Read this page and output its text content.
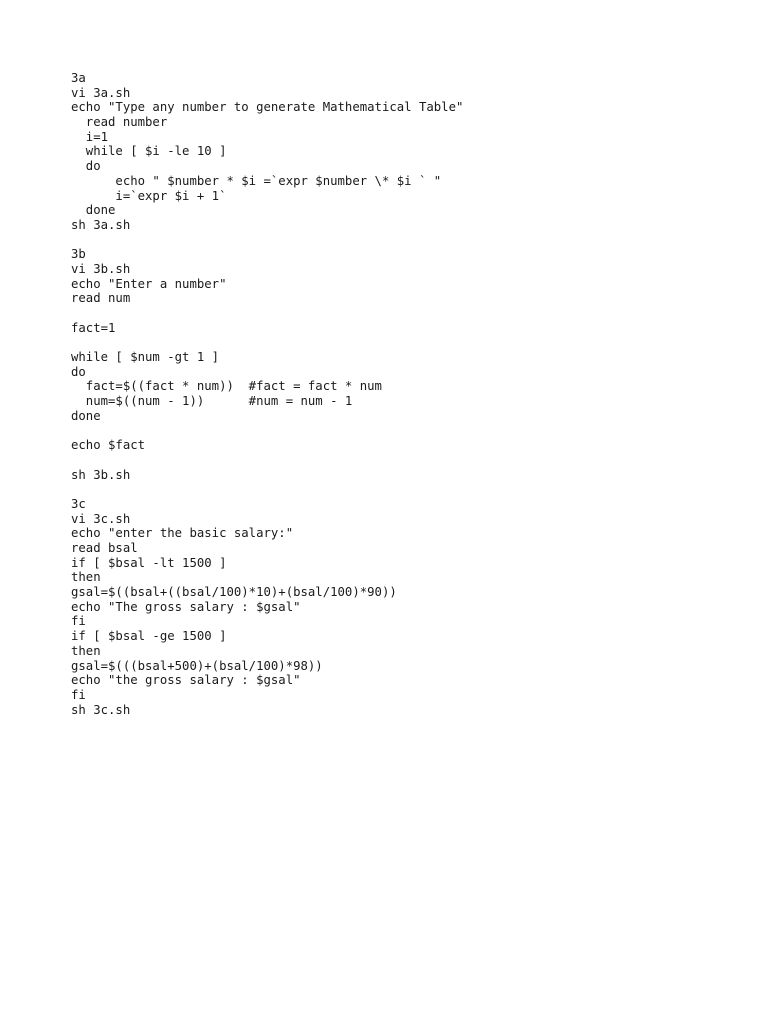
3a
vi 3a.sh
echo "Type any number to generate Mathematical Table"
read number
i=1
while [ $i -le 10 ]
do
echo " $number * $i =`expr $number \* $i ` "
i=`expr $i + 1`
done
sh 3a.sh
3b
vi 3b.sh
echo "Enter a number"
read num
fact=1
while [ $num -gt 1 ]
do
fact=$((fact * num))  #fact = fact * num
num=$((num - 1))      #num = num - 1
done
echo $fact
sh 3b.sh
3c
vi 3c.sh
echo "enter the basic salary:"
read bsal
if [ $bsal -lt 1500 ]
then
gsal=$((bsal+((bsal/100)*10)+(bsal/100)*90))
echo "The gross salary : $gsal"
fi
if [ $bsal -ge 1500 ]
then
gsal=$(((bsal+500)+(bsal/100)*98))
echo "the gross salary : $gsal"
fi
sh 3c.sh
